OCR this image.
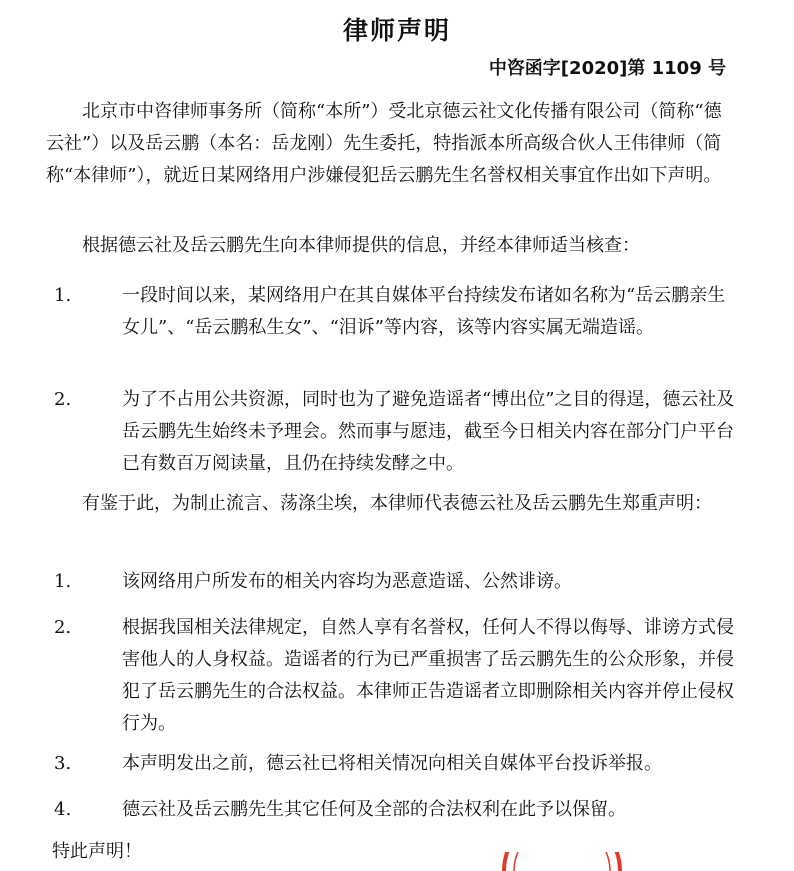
律师声明
中咨函字[2020]第 1109 号

北京市中咨律师事务所（简称“本所”）受北京德云社文化传播有限公司（简称“德云社”）以及岳云鹏（本名：岳龙刚）先生委托，特指派本所高级合伙人王伟律师（简称“本律师”），就近日某网络用户涉嫌侵犯岳云鹏先生名誉权相关事宜作出如下声明。

根据德云社及岳云鹏先生向本律师提供的信息，并经本律师适当核查：

1.	一段时间以来，某网络用户在其自媒体平台持续发布诸如名称为“岳云鹏亲生女儿”、“岳云鹏私生女”、“泪诉”等内容，该等内容实属无端造谣。
2.	为了不占用公共资源，同时也为了避免造谣者“博出位”之目的得逞，德云社及岳云鹏先生始终未予理会。然而事与愿违，截至今日相关内容在部分门户平台已有数百万阅读量，且仍在持续发酵之中。

有鉴于此，为制止流言、荡涤尘埃，本律师代表德云社及岳云鹏先生郑重声明：

1.	该网络用户所发布的相关内容均为恶意造谣、公然诽谤。
2.	根据我国相关法律规定，自然人享有名誉权，任何人不得以侮辱、诽谤方式侵害他人的人身权益。造谣者的行为已严重损害了岳云鹏先生的公众形象，并侵犯了岳云鹏先生的合法权益。本律师正告造谣者立即删除相关内容并停止侵权行为。
3.	本声明发出之前，德云社已将相关情况向相关自媒体平台投诉举报。
4.	德云社及岳云鹏先生其它任何及全部的合法权利在此予以保留。
特此声明！
